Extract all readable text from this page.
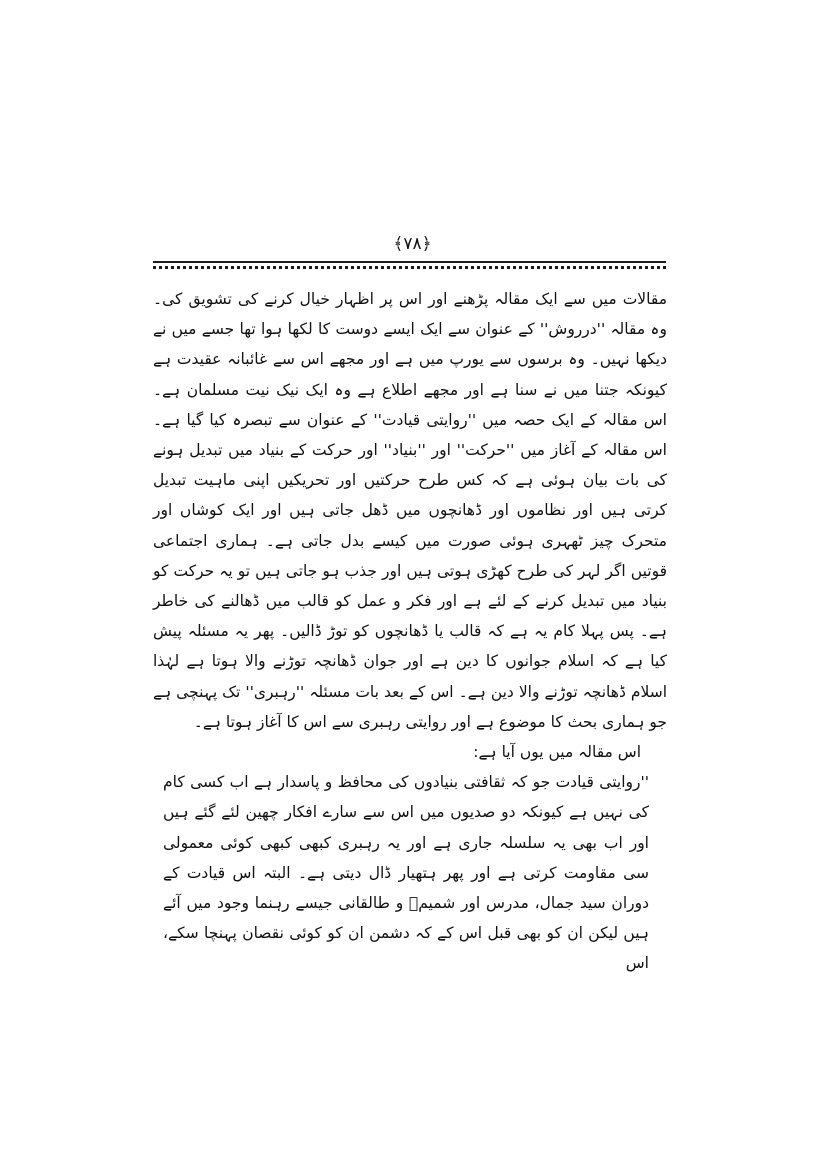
﴿۷۸﴾

مقالات میں سے ایک مقالہ پڑھنے اور اس پر اظہار خیال کرنے کی تشویق کی۔ وہ مقالہ ''درروش'' کے عنوان سے ایک ایسے دوست کا لکھا ہوا تھا جسے میں نے دیکھا نہیں۔ وہ برسوں سے یورپ میں ہے اور مجھے اس سے غائبانہ عقیدت ہے کیونکہ جتنا میں نے سنا ہے اور مجھے اطلاع ہے وہ ایک نیک نیت مسلمان ہے۔ اس مقالہ کے ایک حصہ میں ''روایتی قیادت'' کے عنوان سے تبصرہ کیا گیا ہے۔ اس مقالہ کے آغاز میں ''حرکت'' اور ''بنیاد'' اور حرکت کے بنیاد میں تبدیل ہونے کی بات بیان ہوئی ہے کہ کس طرح حرکتیں اور تحریکیں اپنی ماہیت تبدیل کرتی ہیں اور نظاموں اور ڈھانچوں میں ڈھل جاتی ہیں اور ایک کوشاں اور متحرک چیز ٹھہری ہوئی صورت میں کیسے بدل جاتی ہے۔ ہماری اجتماعی قوتیں اگر لہر کی طرح کھڑی ہوتی ہیں اور جذب ہو جاتی ہیں تو یہ حرکت کو بنیاد میں تبدیل کرنے کے لئے ہے اور فکر و عمل کو قالب میں ڈھالنے کی خاطر ہے۔ پس پہلا کام یہ ہے کہ قالب یا ڈھانچوں کو توڑ ڈالیں۔ پھر یہ مسئلہ پیش کیا ہے کہ اسلام جوانوں کا دین ہے اور جوان ڈھانچہ توڑنے والا ہوتا ہے لہٰذا اسلام ڈھانچہ توڑنے والا دین ہے۔ اس کے بعد بات مسئلہ ''رہبری'' تک پہنچی ہے جو ہماری بحث کا موضوع ہے اور روایتی رہبری سے اس کا آغاز ہوتا ہے۔

اس مقالہ میں یوں آیا ہے:

''روایتی قیادت جو کہ ثقافتی بنیادوں کی محافظ و پاسدار ہے اب کسی کام کی نہیں ہے کیونکہ دو صدیوں میں اس سے سارے افکار چھین لئے گئے ہیں اور اب بھی یہ سلسلہ جاری ہے اور یہ رہبری کبھی کبھی کوئی معمولی سی مقاومت کرتی ہے اور پھر ہتھیار ڈال دیتی ہے۔ البتہ اس قیادت کے دوران سید جمال، مدرس اور شمیمؒ و طالقانی جیسے رہنما وجود میں آئے ہیں لیکن ان کو بھی قبل اس کے کہ دشمن ان کو کوئی نقصان پہنچا سکے، اس
